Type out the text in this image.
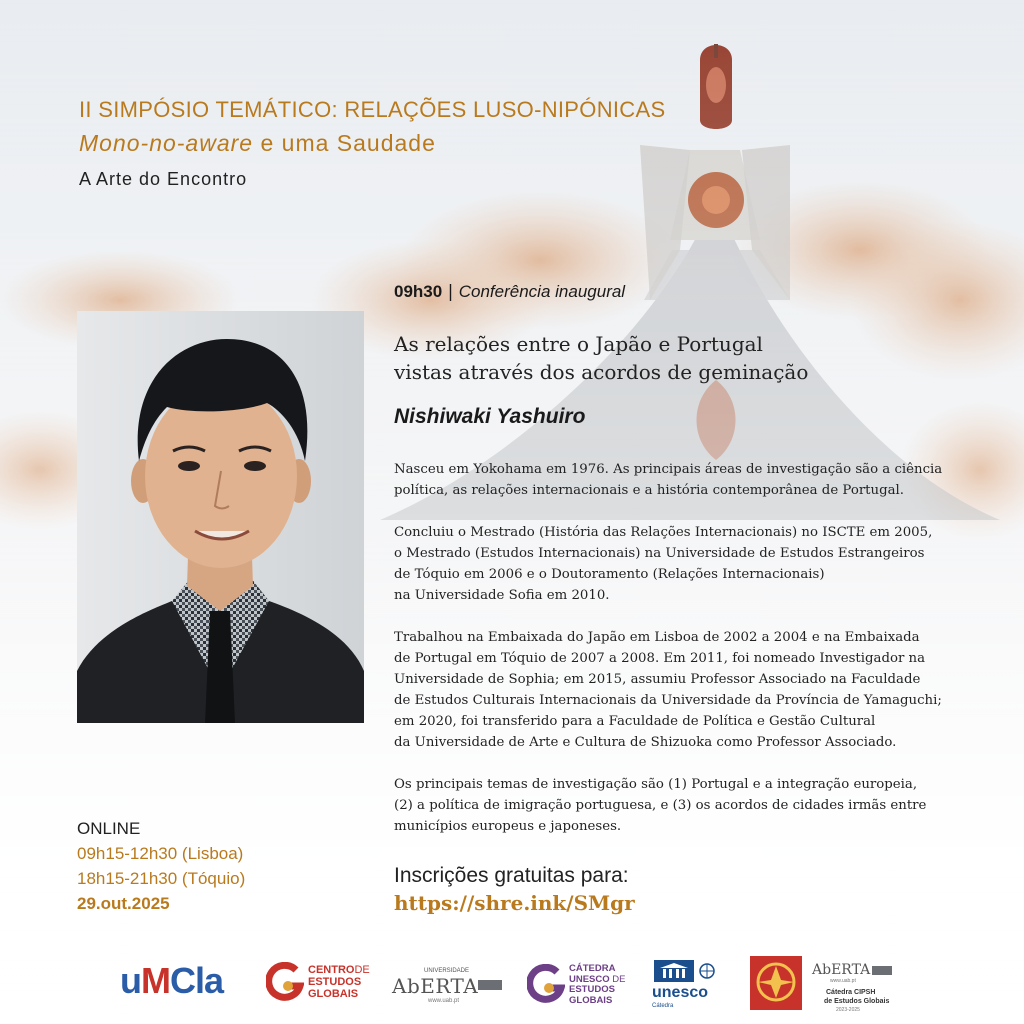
II SIMPÓSIO TEMÁTICO: RELAÇÕES LUSO-NIPÓNICAS
Mono-no-aware e uma Saudade
A Arte do Encontro
09h30 | Conferência inaugural
As relações entre o Japão e Portugal
vistas através dos acordos de geminação
Nishiwaki Yashuiro

Nasceu em Yokohama em 1976. As principais áreas de investigação são a ciência
política, as relações internacionais e a história contemporânea de Portugal.

Concluiu o Mestrado (História das Relações Internacionais) no ISCTE em 2005,
o Mestrado (Estudos Internacionais) na Universidade de Estudos Estrangeiros
de Tóquio em 2006 e o Doutoramento (Relações Internacionais)
na Universidade Sofia em 2010.

Trabalhou na Embaixada do Japão em Lisboa de 2002 a 2004 e na Embaixada
de Portugal em Tóquio de 2007 a 2008. Em 2011, foi nomeado Investigador na
Universidade de Sophia; em 2015, assumiu Professor Associado na Faculdade
de Estudos Culturais Internacionais da Universidade da Província de Yamaguchi;
em 2020, foi transferido para a Faculdade de Política e Gestão Cultural
da Universidade de Arte e Cultura de Shizuoka como Professor Associado.

Os principais temas de investigação são (1) Portugal e a integração europeia,
(2) a política de imigração portuguesa, e (3) os acordos de cidades irmãs entre
municípios europeus e japoneses.

ONLINE
09h15-12h30 (Lisboa)
18h15-21h30 (Tóquio)
29.out.2025
Inscrições gratuitas para:
https://shre.ink/SMgr
uMCla	CENTRODE
ESTUDOS
GLOBAIS
UNIVERSIDADE
AbERTA
www.uab.pt
CÁTEDRA
UNESCO DE
ESTUDOS
GLOBAIS	unesco
Cátedra
AbERTA
www.uab.pt
Cátedra CIPSH
de Estudos Globais
2023-2025
